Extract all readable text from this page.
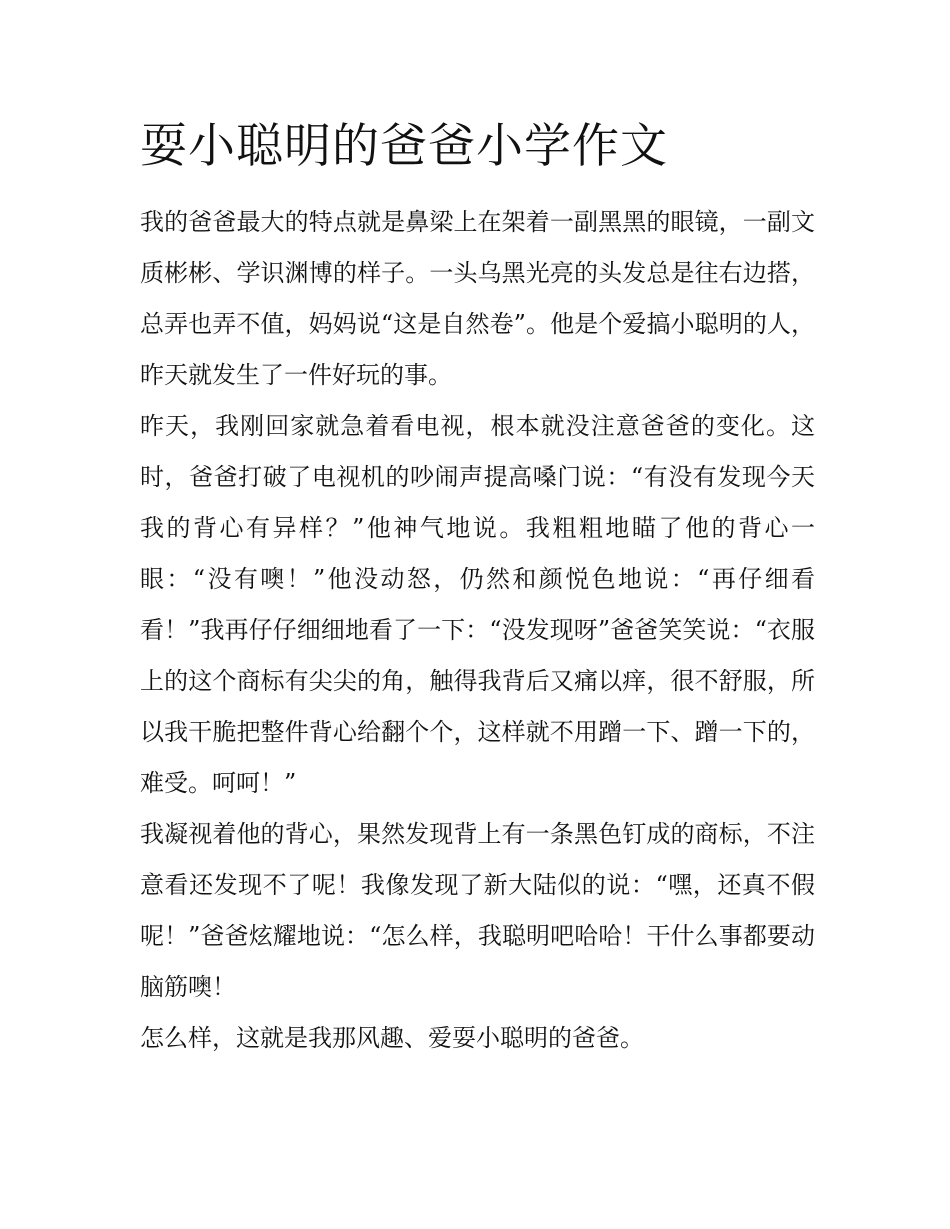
耍小聪明的爸爸小学作文

我的爸爸最大的特点就是鼻梁上在架着一副黑黑的眼镜，一副文质彬彬、学识渊博的样子。一头乌黑光亮的头发总是往右边搭，总弄也弄不值，妈妈说“这是自然卷”。他是个爱搞小聪明的人，昨天就发生了一件好玩的事。

昨天，我刚回家就急着看电视，根本就没注意爸爸的变化。这时，爸爸打破了电视机的吵闹声提高嗓门说：“有没有发现今天我的背心有异样？”他神气地说。我粗粗地瞄了他的背心一眼：“没有噢！”他没动怒，仍然和颜悦色地说：“再仔细看看！”我再仔仔细细地看了一下：“没发现呀”爸爸笑笑说：“衣服上的这个商标有尖尖的角，触得我背后又痛以痒，很不舒服，所以我干脆把整件背心给翻个个，这样就不用蹭一下、蹭一下的，难受。呵呵！”

我凝视着他的背心，果然发现背上有一条黑色钉成的商标，不注意看还发现不了呢！我像发现了新大陆似的说：“嘿，还真不假呢！”爸爸炫耀地说：“怎么样，我聪明吧哈哈！干什么事都要动脑筋噢！

怎么样，这就是我那风趣、爱耍小聪明的爸爸。
